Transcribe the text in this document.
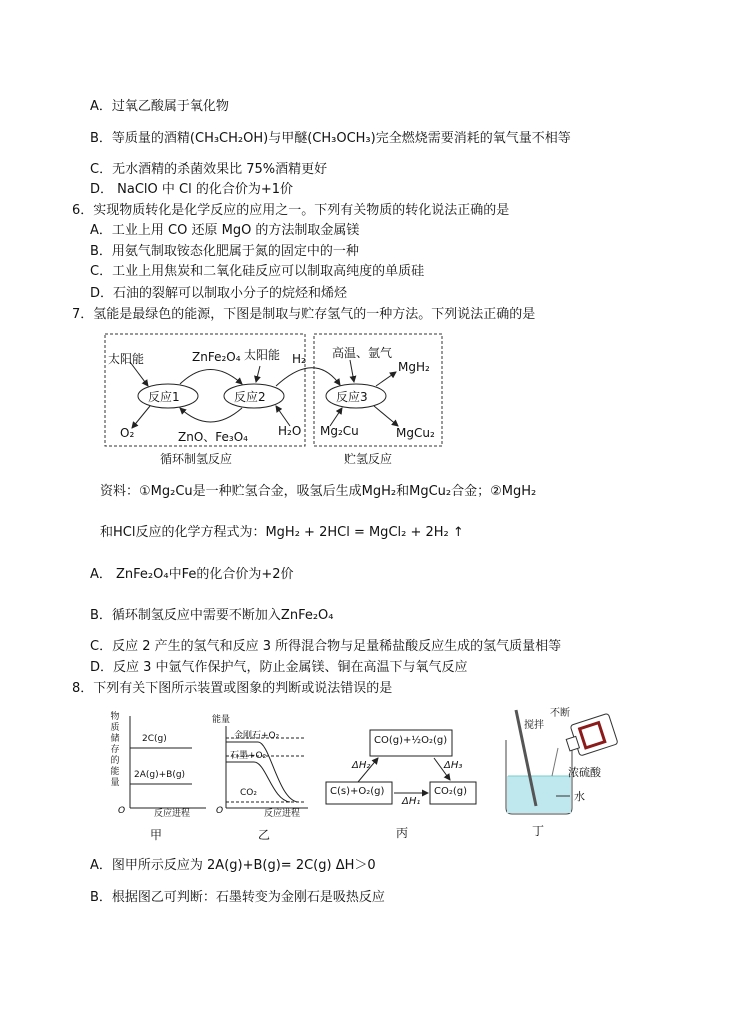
A．过氧乙酸属于氧化物
B．等质量的酒精(CH₃CH₂OH)与甲醚(CH₃OCH₃)完全燃烧需要消耗的氧气量不相等
C．无水酒精的杀菌效果比 75%酒精更好
D． NaClO 中 Cl 的化合价为+1价
6．实现物质转化是化学反应的应用之一。下列有关物质的转化说法正确的是
A．工业上用 CO 还原 MgO 的方法制取金属镁
B．用氨气制取铵态化肥属于氮的固定中的一种
C．工业上用焦炭和二氧化硅反应可以制取高纯度的单质硅
D．石油的裂解可以制取小分子的烷烃和烯烃
7．氢能是最绿色的能源，下图是制取与贮存氢气的一种方法。下列说法正确的是
太阳能	ZnFe₂O₄ 太阳能 H₂ 高温、氩气
MgH₂
反应1	反应2	反应3
O₂	ZnO、Fe₃O₄	H₂O Mg₂Cu	MgCu₂
循环制氢反应	贮氢反应
资料：①Mg₂Cu是一种贮氢合金，吸氢后生成MgH₂和MgCu₂合金；②MgH₂
和HCl反应的化学方程式为：MgH₂ + 2HCl = MgCl₂ + 2H₂ ↑
A． ZnFe₂O₄中Fe的化合价为+2价
B．循环制氢反应中需要不断加入ZnFe₂O₄
C．反应 2 产生的氢气和反应 3 所得混合物与足量稀盐酸反应生成的氢气质量相等
D．反应 3 中氩气作保护气，防止金属镁、铜在高温下与氧气反应
8．下列有关下图所示装置或图象的判断或说法错误的是
物
质
储
存
的
能
量
2C(g)
2A(g)+B(g)
O	反应进程
甲
能量
金刚石+O₂
石墨+O₂
CO₂
O	反应进程
乙
CO(g)+½O₂(g)
C(s)+O₂(g)	CO₂(g)
ΔH₂	ΔH₃
ΔH₁
丙
不断
搅拌
浓硫酸
水
丁
A．图甲所示反应为 2A(g)+B(g)= 2C(g) ΔH＞0
B．根据图乙可判断：石墨转变为金刚石是吸热反应
